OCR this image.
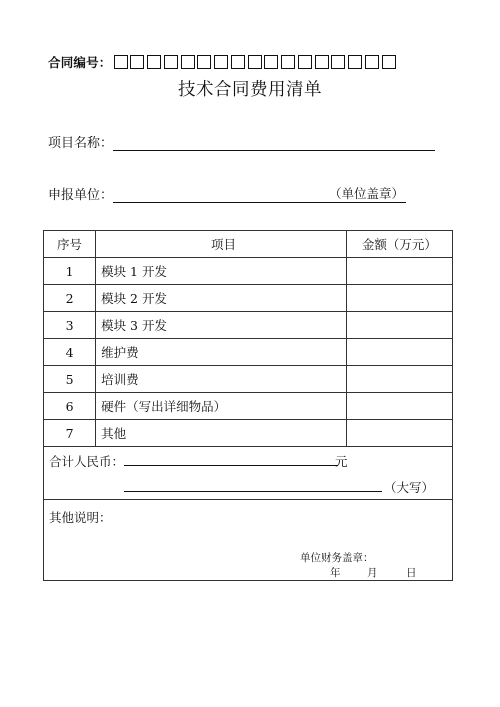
合同编号：
技术合同费用清单
项目名称：
申报单位：	（单位盖章）
序号	项目	金额（万元）
1	模块 1 开发	
2	模块 2 开发	
3	模块 3 开发	
4	维护费	
5	培训费	
6	硬件（写出详细物品）	
7	其他	

合计人民币： 元
（大写）		

其他说明：
单位财务盖章：
年 月 日		
